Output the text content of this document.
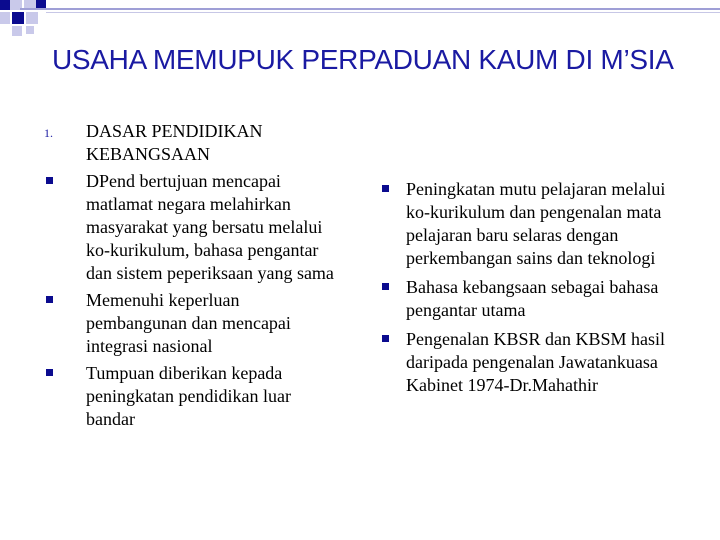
USAHA MEMUPUK PERPADUAN KAUM DI M’SIA
1. DASAR PENDIDIKAN KEBANGSAAN
DPend bertujuan mencapai matlamat negara melahirkan masyarakat yang bersatu melalui ko-kurikulum, bahasa pengantar dan sistem peperiksaan yang sama
Memenuhi keperluan pembangunan dan mencapai integrasi nasional
Tumpuan diberikan kepada peningkatan pendidikan luar bandar
Peningkatan mutu pelajaran melalui ko-kurikulum dan pengenalan mata pelajaran baru selaras dengan perkembangan sains dan teknologi
Bahasa kebangsaan sebagai bahasa pengantar utama
Pengenalan KBSR dan KBSM hasil daripada pengenalan Jawatankuasa Kabinet 1974-Dr.Mahathir
